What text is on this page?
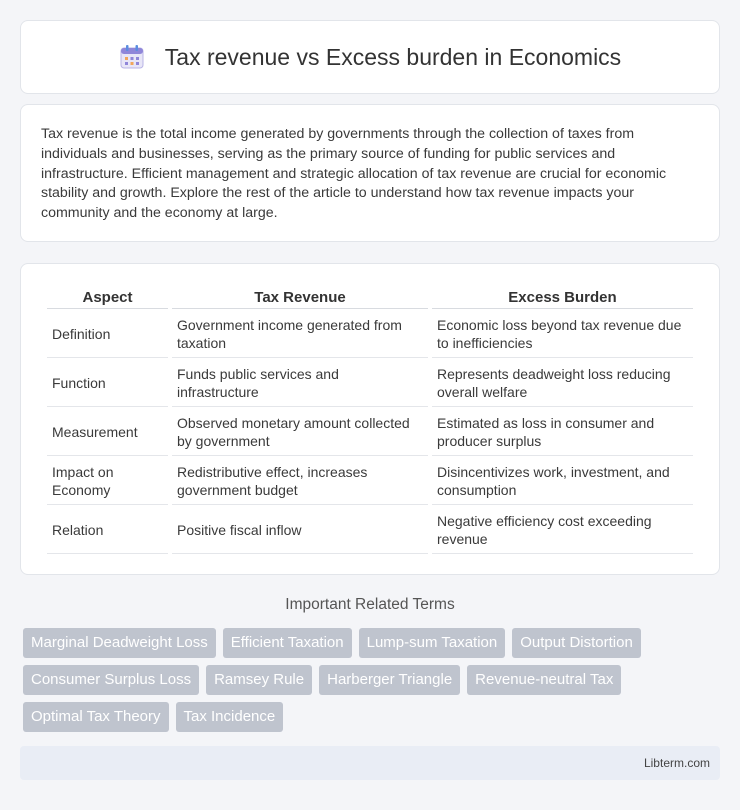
Tax revenue vs Excess burden in Economics

Tax revenue is the total income generated by governments through the collection of taxes from individuals and businesses, serving as the primary source of funding for public services and infrastructure. Efficient management and strategic allocation of tax revenue are crucial for economic stability and growth. Explore the rest of the article to understand how tax revenue impacts your community and the economy at large.

Aspect	Tax Revenue	Excess Burden
Definition	Government income generated from taxation	Economic loss beyond tax revenue due to inefficiencies
Function	Funds public services and infrastructure	Represents deadweight loss reducing overall welfare
Measurement	Observed monetary amount collected by government	Estimated as loss in consumer and producer surplus
Impact on Economy	Redistributive effect, increases government budget	Disincentivizes work, investment, and consumption
Relation	Positive fiscal inflow	Negative efficiency cost exceeding revenue
Important Related Terms
Marginal Deadweight Loss	Efficient Taxation	Lump-sum Taxation	Output Distortion
Consumer Surplus Loss	Ramsey Rule	Harberger Triangle	Revenue-neutral Tax
Optimal Tax Theory	Tax Incidence
Libterm.com
